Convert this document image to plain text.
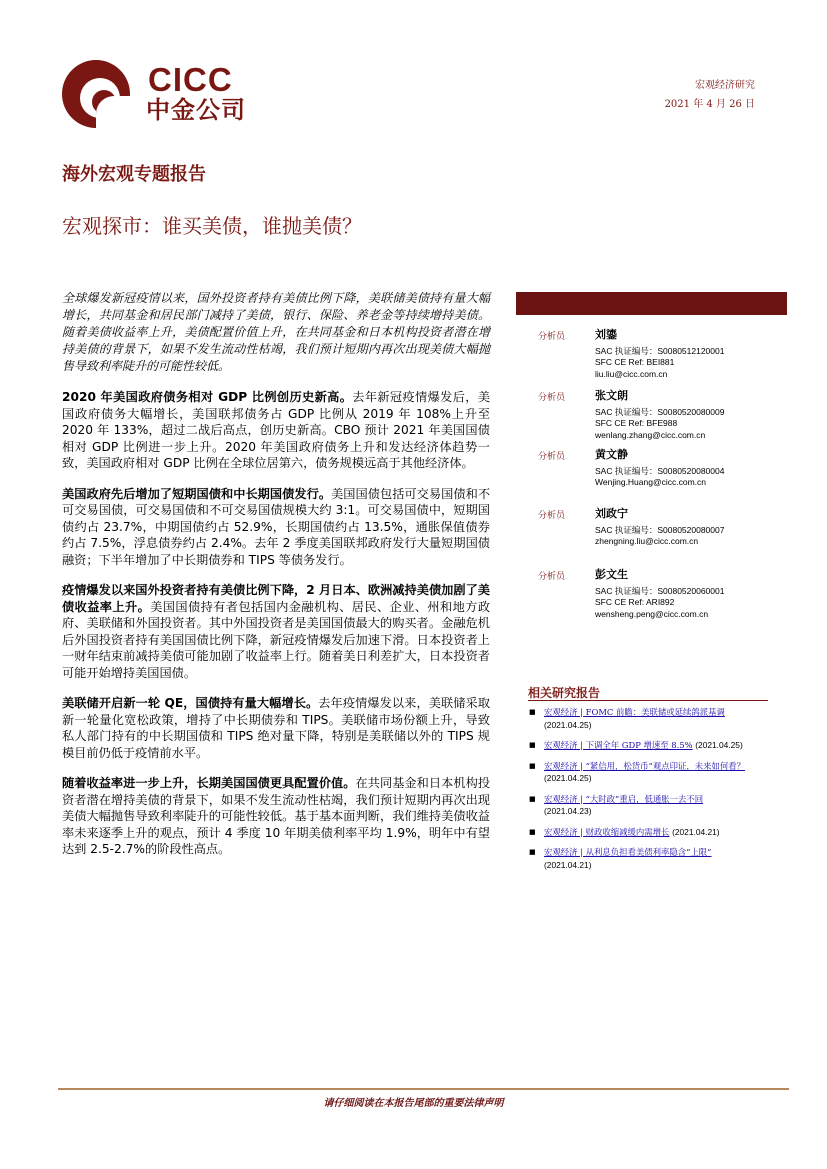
CICC
中金公司
宏观经济研究
2021 年 4 月 26 日
海外宏观专题报告
宏观探市：谁买美债，谁抛美债？

全球爆发新冠疫情以来，国外投资者持有美债比例下降，美联储美债持有量大幅增长，共同基金和居民部门减持了美债，银行、保险、养老金等持续增持美债。随着美债收益率上升，美债配置价值上升，在共同基金和日本机构投资者潜在增持美债的背景下，如果不发生流动性枯竭，我们预计短期内再次出现美债大幅抛售导致利率陡升的可能性较低。

2020 年美国政府债务相对 GDP 比例创历史新高。去年新冠疫情爆发后，美国政府债务大幅增长，美国联邦债务占 GDP 比例从 2019 年 108%上升至 2020 年 133%，超过二战后高点，创历史新高。CBO 预计 2021 年美国国债相对 GDP 比例进一步上升。2020 年美国政府债务上升和发达经济体趋势一致，美国政府相对 GDP 比例在全球位居第六，债务规模远高于其他经济体。

美国政府先后增加了短期国债和中长期国债发行。美国国债包括可交易国债和不可交易国债，可交易国债和不可交易国债规模大约 3:1。可交易国债中，短期国债约占 23.7%，中期国债约占 52.9%，长期国债约占 13.5%，通胀保值债券约占 7.5%，浮息债券约占 2.4%。去年 2 季度美国联邦政府发行大量短期国债融资；下半年增加了中长期债券和 TIPS 等债务发行。

疫情爆发以来国外投资者持有美债比例下降，2 月日本、欧洲减持美债加剧了美债收益率上升。美国国债持有者包括国内金融机构、居民、企业、州和地方政府、美联储和外国投资者。其中外国投资者是美国国债最大的购买者。金融危机后外国投资者持有美国国债比例下降，新冠疫情爆发后加速下滑。日本投资者上一财年结束前减持美债可能加剧了收益率上行。随着美日利差扩大，日本投资者可能开始增持美国国债。

美联储开启新一轮 QE，国债持有量大幅增长。去年疫情爆发以来，美联储采取新一轮量化宽松政策，增持了中长期债券和 TIPS。美联储市场份额上升，导致私人部门持有的中长期国债和 TIPS 绝对量下降，特别是美联储以外的 TIPS 规模目前仍低于疫情前水平。

随着收益率进一步上升，长期美国国债更具配置价值。在共同基金和日本机构投资者潜在增持美债的背景下，如果不发生流动性枯竭，我们预计短期内再次出现美债大幅抛售导致利率陡升的可能性较低。基于基本面判断，我们维持美债收益率未来逐季上升的观点，预计 4 季度 10 年期美债利率平均 1.9%，明年中有望达到 2.5-2.7%的阶段性高点。

分析员	刘鎏
SAC 执证编号：S0080512120001
SFC CE Ref: BEI881
liu.liu@cicc.com.cn
分析员	张文朗
SAC 执证编号：S0080520080009
SFC CE Ref: BFE988
wenlang.zhang@cicc.com.cn
分析员	黄文静
SAC 执证编号：S0080520080004
Wenjing.Huang@cicc.com.cn
分析员	刘政宁
SAC 执证编号：S0080520080007
zhengning.liu@cicc.com.cn
分析员	彭文生
SAC 执证编号：S0080520060001
SFC CE Ref: ARI892
wensheng.peng@cicc.com.cn
相关研究报告
■ 宏观经济 | FOMC 前瞻：美联储或延续鸽派基调
(2021.04.25)
■ 宏观经济 | 下调全年 GDP 增速至 8.5% (2021.04.25)
■ 宏观经济 | “紧信用，松货币”观点印证，未来如何看？ (2021.04.25)
■ 宏观经济 | “大时政”重启，低通胀一去不回
(2021.04.23)
■ 宏观经济 | 财政收缩减缓内需增长 (2021.04.21)
■ 宏观经济 | 从利息负担看美债利率隐含“上限”
(2021.04.21)
请仔细阅读在本报告尾部的重要法律声明
